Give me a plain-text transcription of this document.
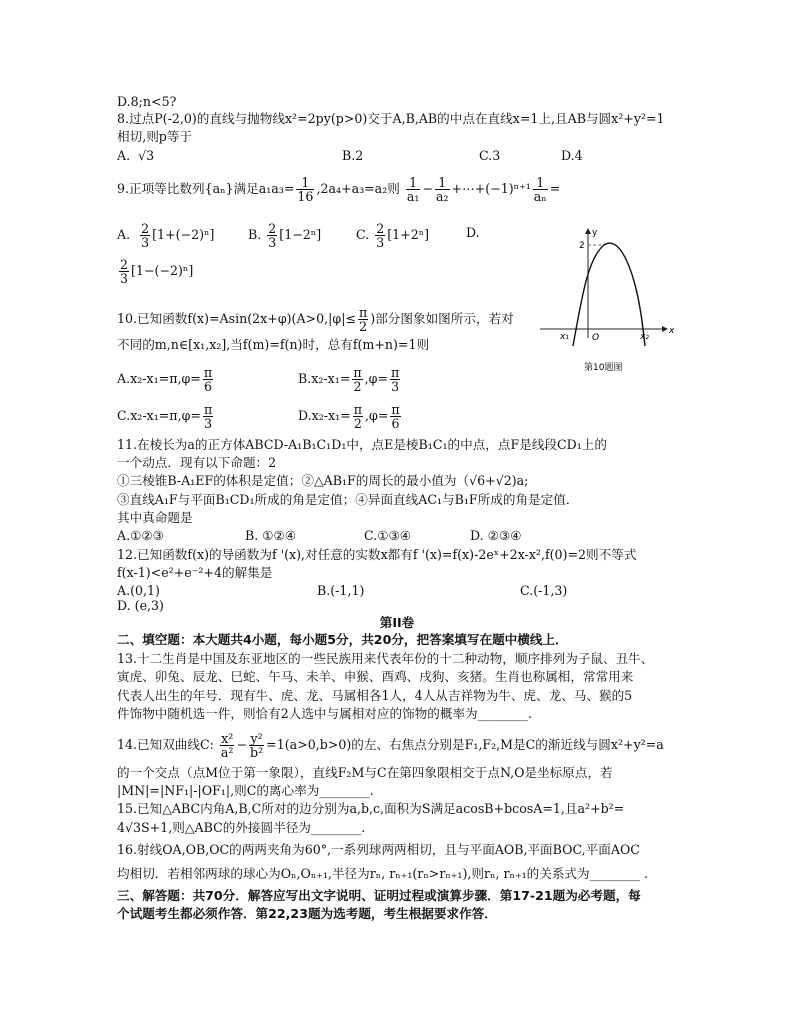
D.8;n<5?
8.过点P(-2,0)的直线与抛物线x²=2py(p>0)交于A,B,AB的中点在直线x=1上,且AB与圆x²+y²=1
相切,则p等于
A. √3	B.2	C.3	D.4
9.正项等比数列{aₙ}满足$a_1a_3= \frac{1}{16} ,2a_4+a_3=a_2$则 $\frac{1}{\text{a₁}} - \frac{1}{\text{a₂}}$ +⋯+(−1)ⁿ⁺¹ $\frac{1}{\text{aₙ}}$ =
A. $\frac{2}{3} [1+(-2)^n]$	B. $\frac{2}{3} [1-2^n]$	C. $\frac{2}{3} [1+2^n]$	D.
$\frac{2}{3} [1-(-2)^n]$
y
x
2
O
x₁	x₂
第10题图
10.已知函数$f(x)=Asin(2x+\varphi)(A>0,|\varphi|\le \frac{\pi}{2}$ )部分图象如图所示，若对
不同的m,n∈[x₁,x₂],当f(m)=f(n)时，总有f(m+n)=1则
$A.x_2-x_1=\pi,\varphi= \frac{\pi}{6}$	$B.x_2-x_1= \frac{\pi}{2} ,\varphi= \frac{\pi}{3}$
$C.x_2-x_1=\pi,\varphi= \frac{\pi}{3}$	$D.x_2-x_1= \frac{\pi}{2} ,\varphi= \frac{\pi}{6}$
11.在棱长为a的正方体ABCD-A₁B₁C₁D₁中，点E是棱B₁C₁的中点，点F是线段CD₁上的
一个动点．现有以下命题：2
①三棱锥B-A₁EF的体积是定值；②△AB₁F的周长的最小值为（√6+√2)a;
③直线A₁F与平面B₁CD₁所成的角是定值；④异面直线AC₁与B₁F所成的角是定值．
其中真命题是
A.①②③	B. ①②④	C.①③④	D. ②③④
12.已知函数f(x)的导函数为f '(x),对任意的实数x都有f '(x)=f(x)-2eˣ+2x-x²,f(0)=2则不等式
f(x-1)<e²+e⁻²+4的解集是
A.(0,1)	B.(-1,1)	C.(-1,3)
D. (e,3)
第II卷
二、填空题：本大题共4小题，每小题5分，共20分，把答案填写在题中横线上．
13.十二生肖是中国及东亚地区的一些民族用来代表年份的十二种动物，顺序排列为子鼠、丑牛、
寅虎、卯兔、辰龙、巳蛇、午马、未羊、申猴、酉鸡、戌狗、亥猪。生肖也称属相，常常用来
代表人出生的年号．现有牛、虎、龙、马属相各1人，4人从吉祥物为牛、虎、龙、马、猴的5
件饰物中随机选一件，则恰有2人选中与属相对应的饰物的概率为________.
14.已知双曲线C: $\frac{\text{x²}}{\text{a²}} - \frac{\text{y²}}{\text{b²}} =1(a>0,b>0)$的左、右焦点分别是F₁,F₂,M是C的渐近线与圆x²+y²=a
的一个交点（点M位于第一象限），直线F₂M与C在第四象限相交于点N,O是坐标原点，若
|MN|=|NF₁|-|OF₁|,则C的离心率为________.
15.已知△ABC内角A,B,C所对的边分别为a,b,c,面积为S满足acosB+bcosA=1,且a²+b²=
4√3S+1,则△ABC的外接圆半径为________.
16.射线OA,OB,OC的两两夹角为60°,一系列球两两相切，且与平面AOB,平面BOC,平面AOC
均相切．若相邻两球的球心为Oₙ,Oₙ₊₁,半径为rₙ, rₙ₊₁(rₙ>rₙ₊₁),则rₙ, rₙ₊₁的关系式为________ .
三、解答题：共70分．解答应写出文字说明、证明过程或演算步骤．第17-21题为必考题，每
个试题考生都必须作答．第22,23题为选考题，考生根据要求作答．
